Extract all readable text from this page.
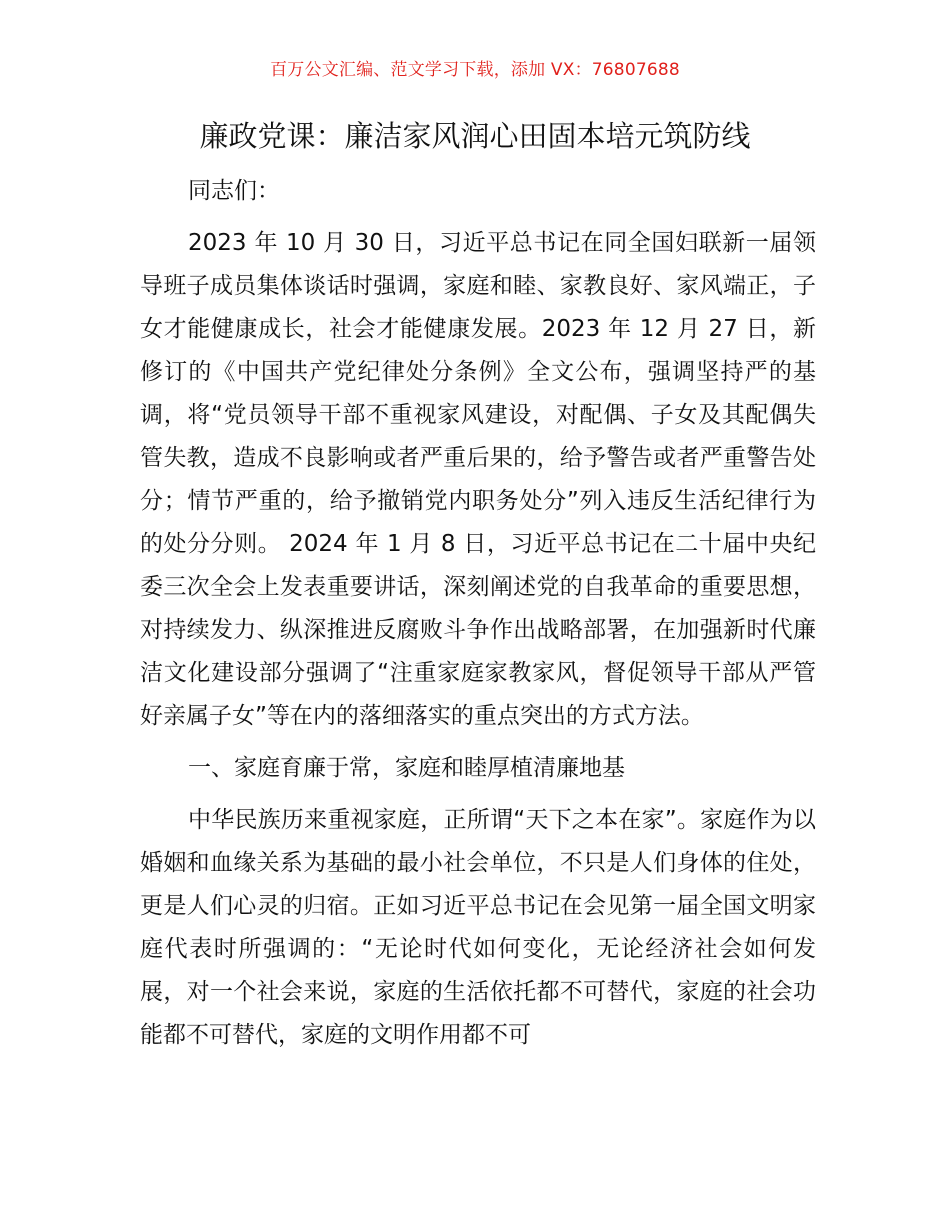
百万公文汇编、范文学习下载，添加 VX：76807688
廉政党课：廉洁家风润心田固本培元筑防线

同志们：

2023 年 10 月 30 日，习近平总书记在同全国妇联新一届领导班子成员集体谈话时强调，家庭和睦、家教良好、家风端正，子女才能健康成长，社会才能健康发展。2023 年 12 月 27 日，新修订的《中国共产党纪律处分条例》全文公布，强调坚持严的基调，将“党员领导干部不重视家风建设，对配偶、子女及其配偶失管失教，造成不良影响或者严重后果的，给予警告或者严重警告处分；情节严重的，给予撤销党内职务处分”列入违反生活纪律行为的处分分则。 2024 年 1 月 8 日，习近平总书记在二十届中央纪委三次全会上发表重要讲话，深刻阐述党的自我革命的重要思想，对持续发力、纵深推进反腐败斗争作出战略部署，在加强新时代廉洁文化建设部分强调了“注重家庭家教家风，督促领导干部从严管好亲属子女”等在内的落细落实的重点突出的方式方法。

一、家庭育廉于常，家庭和睦厚植清廉地基

中华民族历来重视家庭，正所谓“天下之本在家”。家庭作为以婚姻和血缘关系为基础的最小社会单位，不只是人们身体的住处，更是人们心灵的归宿。正如习近平总书记在会见第一届全国文明家庭代表时所强调的：“无论时代如何变化，无论经济社会如何发展，对一个社会来说，家庭的生活依托都不可替代，家庭的社会功能都不可替代，家庭的文明作用都不可
